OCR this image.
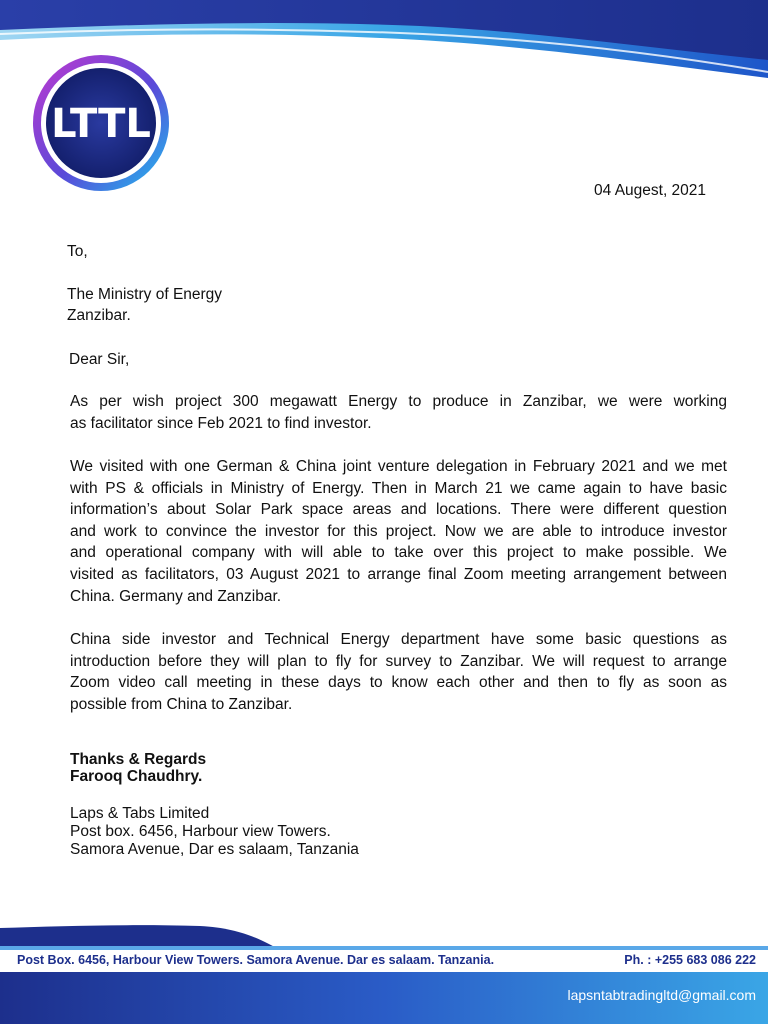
LTTL
04 Augest, 2021
To,
The Ministry of Energy
Zanzibar.
Dear Sir,
As per wish project 300 megawatt Energy to produce in Zanzibar, we were working
as facilitator since Feb 2021 to find investor.
We visited with one German & China joint venture delegation in February 2021 and we met
with PS & officials in Ministry of Energy. Then in March 21 we came again to have basic
information’s about Solar Park space areas and locations. There were different question
and work to convince the investor for this project. Now we are able to introduce investor
and operational company with will able to take over this project to make possible. We
visited as facilitators, 03 August 2021 to arrange final Zoom meeting arrangement between
China. Germany and Zanzibar.
China side investor and Technical Energy department have some basic questions as
introduction before they will plan to fly for survey to Zanzibar. We will request to arrange
Zoom video call meeting in these days to know each other and then to fly as soon as
possible from China to Zanzibar.
Thanks & Regards
Farooq Chaudhry.
Laps & Tabs Limited
Post box. 6456, Harbour view Towers.
Samora Avenue, Dar es salaam, Tanzania
Post Box. 6456, Harbour View Towers. Samora Avenue. Dar es salaam. Tanzania.	Ph. : +255 683 086 222
lapsntabtradingltd@gmail.com
